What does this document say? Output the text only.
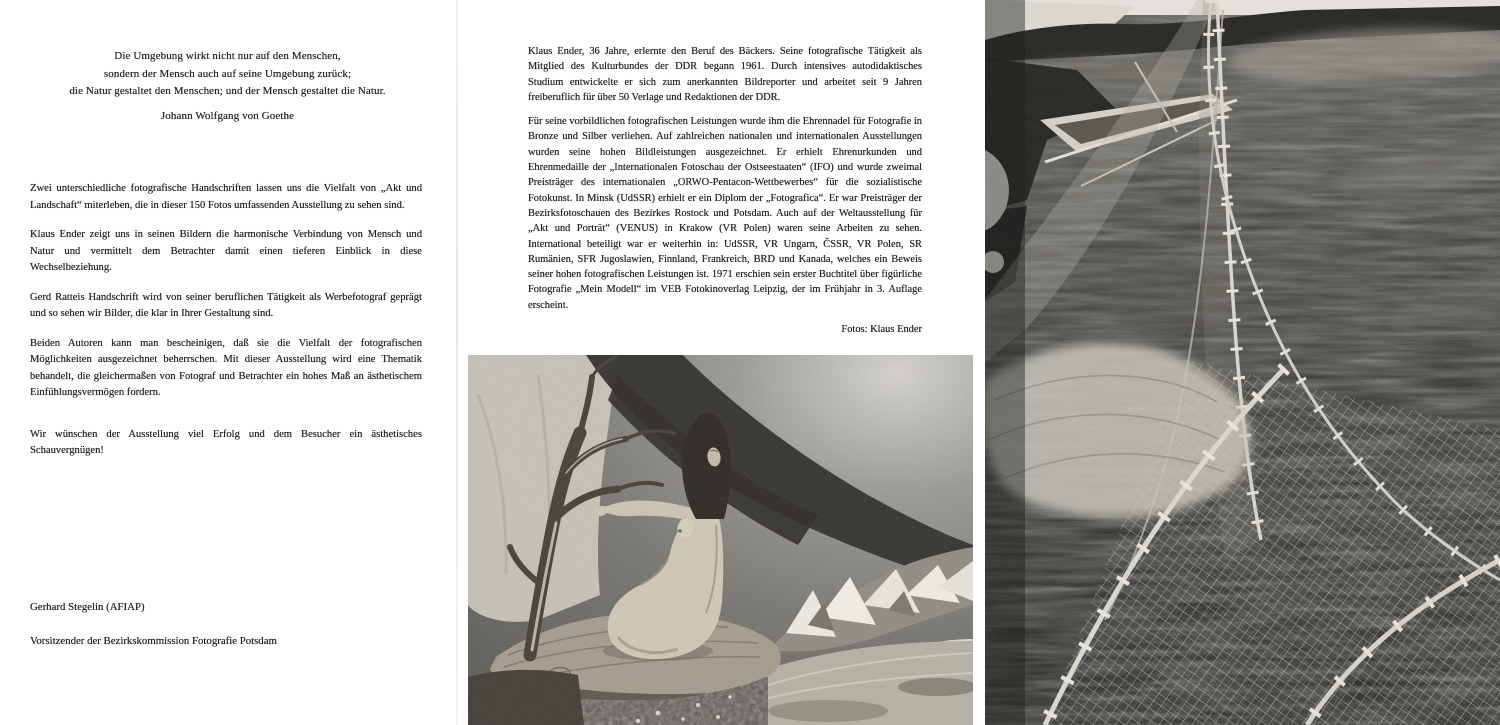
Die Umgebung wirkt nicht nur auf den Menschen,
sondern der Mensch auch auf seine Umgebung zurück;
die Natur gestaltet den Menschen; und der Mensch gestaltet die Natur.
Johann Wolfgang von Goethe

Zwei unterschiedliche fotografische Handschriften lassen uns die Vielfalt von „Akt und Landschaft“ miterleben, die in dieser 150 Fotos umfassenden Ausstellung zu sehen sind.

Klaus Ender zeigt uns in seinen Bildern die harmonische Verbindung von Mensch und Natur und vermittelt dem Betrachter damit einen tieferen Einblick in diese Wechselbeziehung.

Gerd Ratteis Handschrift wird von seiner beruflichen Tätigkeit als Werbefotograf geprägt und so sehen wir Bilder, die klar in Ihrer Gestaltung sind.

Beiden Autoren kann man bescheinigen, daß sie die Vielfalt der fotografischen Möglichkeiten ausgezeichnet beherrschen. Mit dieser Ausstellung wird eine Thematik behandelt, die gleichermaßen von Fotograf und Betrachter ein hohes Maß an ästhetischem Einfühlungsvermögen fordern.

Wir wünschen der Ausstellung viel Erfolg und dem Besucher ein ästhetisches Schauvergnügen!

Gerhard Stegelin (AFIAP)
Vorsitzender der Bezirkskommission Fotografie Potsdam

Klaus Ender, 36 Jahre, erlernte den Beruf des Bäckers. Seine fotografische Tätigkeit als Mitglied des Kulturbundes der DDR begann 1961. Durch intensives autodidaktisches Studium entwickelte er sich zum anerkannten Bildreporter und arbeitet seit 9 Jahren freiberuflich für über 50 Verlage und Redaktionen der DDR.

Für seine vorbildlichen fotografischen Leistungen wurde ihm die Ehrennadel für Fotografie in Bronze und Silber verliehen. Auf zahlreichen nationalen und internationalen Ausstellungen wurden seine hohen Bildleistungen ausgezeichnet. Er erhielt Ehrenurkunden und Ehrenmedaille der „Internationalen Fotoschau der Ostseestaaten“ (IFO) und wurde zweimal Preisträger des internationalen „ORWO-Pentacon-Wettbewerbes“ für die sozialistische Fotokunst. In Minsk (UdSSR) erhielt er ein Diplom der „Fotografica“. Er war Preisträger der Bezirksfotoschauen des Bezirkes Rostock und Potsdam. Auch auf der Weltausstellung für „Akt und Porträt“ (VENUS) in Krakow (VR Polen) waren seine Arbeiten zu sehen. International beteiligt war er weiterhin in: UdSSR, VR Ungarn, ČSSR, VR Polen, SR Rumänien, SFR Jugoslawien, Finnland, Frankreich, BRD und Kanada, welches ein Beweis seiner hohen fotografischen Leistungen ist. 1971 erschien sein erster Buchtitel über figürliche Fotografie „Mein Modell“ im VEB Fotokinoverlag Leipzig, der im Frühjahr in 3. Auflage erscheint.

Fotos: Klaus Ender
